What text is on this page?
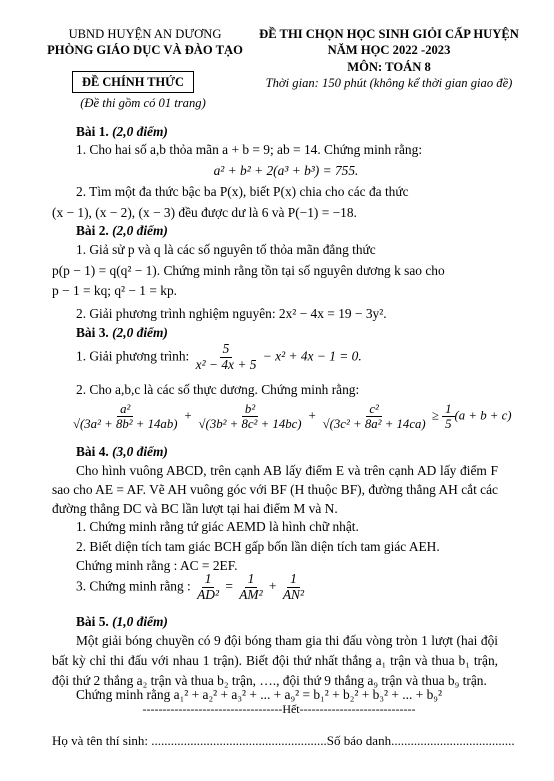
UBND HUYỆN AN DƯƠNG
PHÒNG GIÁO DỤC VÀ ĐÀO TẠO
ĐỀ CHÍNH THỨC
(Đề thi gồm có 01 trang)
ĐỀ THI CHỌN HỌC SINH GIỎI CẤP HUYỆN
NĂM HỌC 2022 -2023
MÔN: TOÁN 8
Thời gian: 150 phút (không kể thời gian giao đề)
Bài 1. (2,0 điểm)
1. Cho hai số a,b thỏa mãn a + b = 9; ab = 14. Chứng minh rằng:
a² + b² + 2(a³ + b³) = 755.
2. Tìm một đa thức bậc ba P(x), biết P(x) chia cho các đa thức
(x − 1), (x − 2), (x − 3) đều được dư là 6 và P(−1) = −18.
Bài 2. (2,0 điểm)
1. Giả sử p và q là các số nguyên tố thỏa mãn đẳng thức
p(p − 1) = q(q² − 1). Chứng minh rằng tồn tại số nguyên dương k sao cho
p − 1 = kq; q² − 1 = kp.
2. Giải phương trình nghiệm nguyên: 2x² − 4x = 19 − 3y².
Bài 3. (2,0 điểm)
1. Giải phương trình: $\frac{5}{\text{x² − 4x + 5}} - x^2 + 4x - 1 = 0$.
2. Cho a,b,c là các số thực dương. Chứng minh rằng:
$\frac{\text{a²}}{\text{√(3a² + 8b² + 14ab)}} + \frac{\text{b²}}{\text{√(3b² + 8c² + 14bc)}} + \frac{\text{c²}}{\text{√(3c² + 8a² + 14ca)}} \ge \frac{1}{5} (a + b + c)$
Bài 4. (3,0 điểm)
Cho hình vuông ABCD, trên cạnh AB lấy điểm E và trên cạnh AD lấy điểm F sao cho AE = AF. Vẽ AH vuông góc với BF (H thuộc BF), đường thẳng AH cắt các đường thẳng DC và BC lần lượt tại hai điểm M và N.
1. Chứng minh rằng tứ giác AEMD là hình chữ nhật.
2. Biết diện tích tam giác BCH gấp bốn lần diện tích tam giác AEH.
Chứng minh rằng : AC = 2EF.
3. Chứng minh rằng : $\frac{1}{\text{AD²}} = \frac{1}{\text{AM²}} + \frac{1}{\text{AN²}}$
Bài 5. (1,0 điểm)
Một giải bóng chuyền có 9 đội bóng tham gia thi đấu vòng tròn 1 lượt (hai đội bất kỳ chỉ thi đấu với nhau 1 trận). Biết đội thứ nhất thắng a₁ trận và thua b₁ trận, đội thứ 2 thắng a₂ trận và thua b₂ trận, …., đội thứ 9 thắng a₉ trận và thua b₉ trận.
Chứng minh rằng a₁² + a₂² + a₃² + ... + a₉² = b₁² + b₂² + b₃² + ... + b₉²
-----------------------------------Hết-----------------------------
Họ và tên thí sinh: ......................................................Số báo danh......................................
